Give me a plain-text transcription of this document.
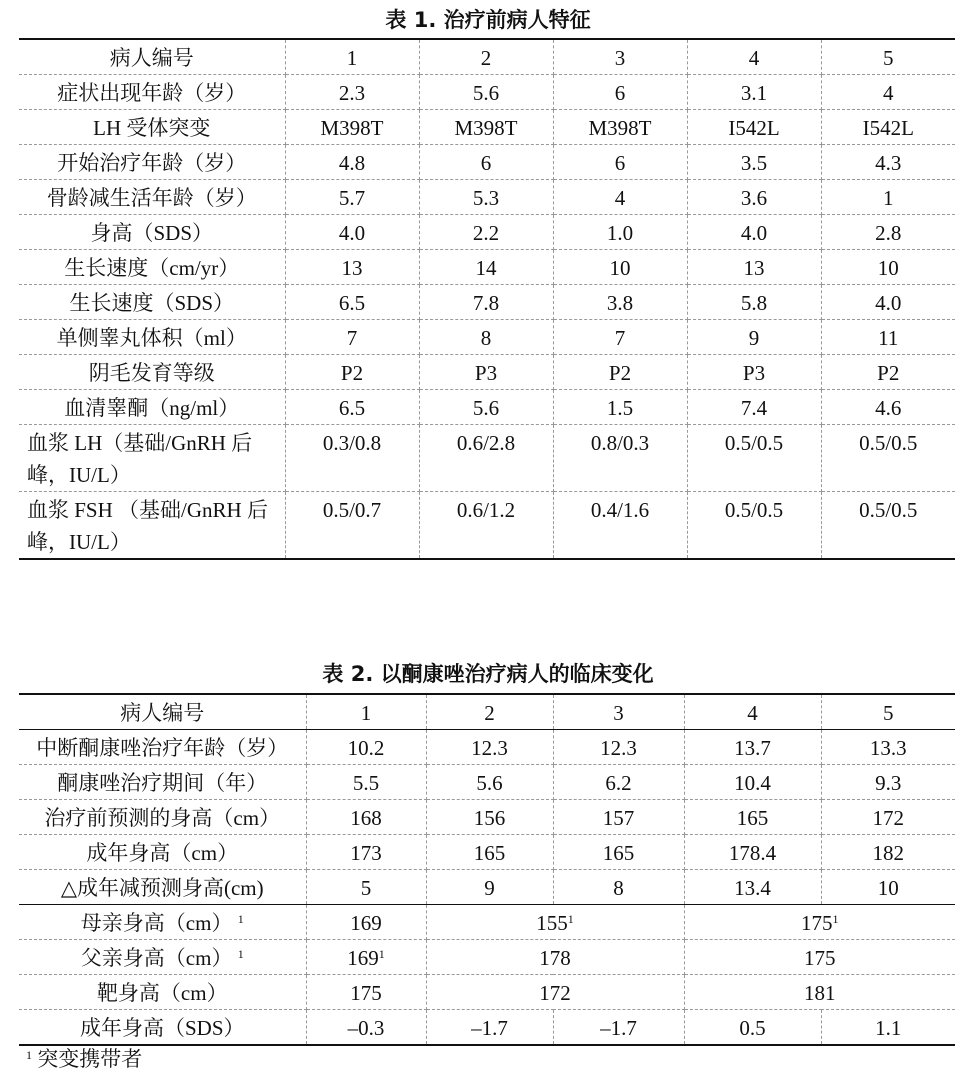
表 1. 治疗前病人特征
病人编号	1	2	3	4	5
症状出现年龄（岁）	2.3	5.6	6	3.1	4
LH 受体突变	M398T	M398T	M398T	I542L	I542L
开始治疗年龄（岁）	4.8	6	6	3.5	4.3
骨龄减生活年龄（岁）	5.7	5.3	4	3.6	1
身高（SDS）	4.0	2.2	1.0	4.0	2.8
生长速度（cm/yr）	13	14	10	13	10
生长速度（SDS）	6.5	7.8	3.8	5.8	4.0
单侧睾丸体积（ml）	7	8	7	9	11
阴毛发育等级	P2	P3	P2	P3	P2
血清睾酮（ng/ml）	6.5	5.6	1.5	7.4	4.6
血浆 LH（基础/GnRH 后峰，IU/L）	0.3/0.8	0.6/2.8	0.8/0.3	0.5/0.5	0.5/0.5
血浆 FSH （基础/GnRH 后峰，IU/L）	0.5/0.7	0.6/1.2	0.4/1.6	0.5/0.5	0.5/0.5
表 2. 以酮康唑治疗病人的临床变化
病人编号	1	2	3	4	5
中断酮康唑治疗年龄（岁）	10.2	12.3	12.3	13.7	13.3
酮康唑治疗期间（年）	5.5	5.6	6.2	10.4	9.3
治疗前预测的身高（cm）	168	156	157	165	172
成年身高（cm）	173	165	165	178.4	182
△成年减预测身高(cm)	5	9	8	13.4	10
母亲身高（cm） $^1$	169	$155^1$		$175^1$
父亲身高（cm） $^1$	$169^1$	178		175	
靶身高（cm）	175	172		181	
成年身高（SDS）	–0.3	–1.7	–1.7	0.5	1.1
$^1$ 突变携带者
